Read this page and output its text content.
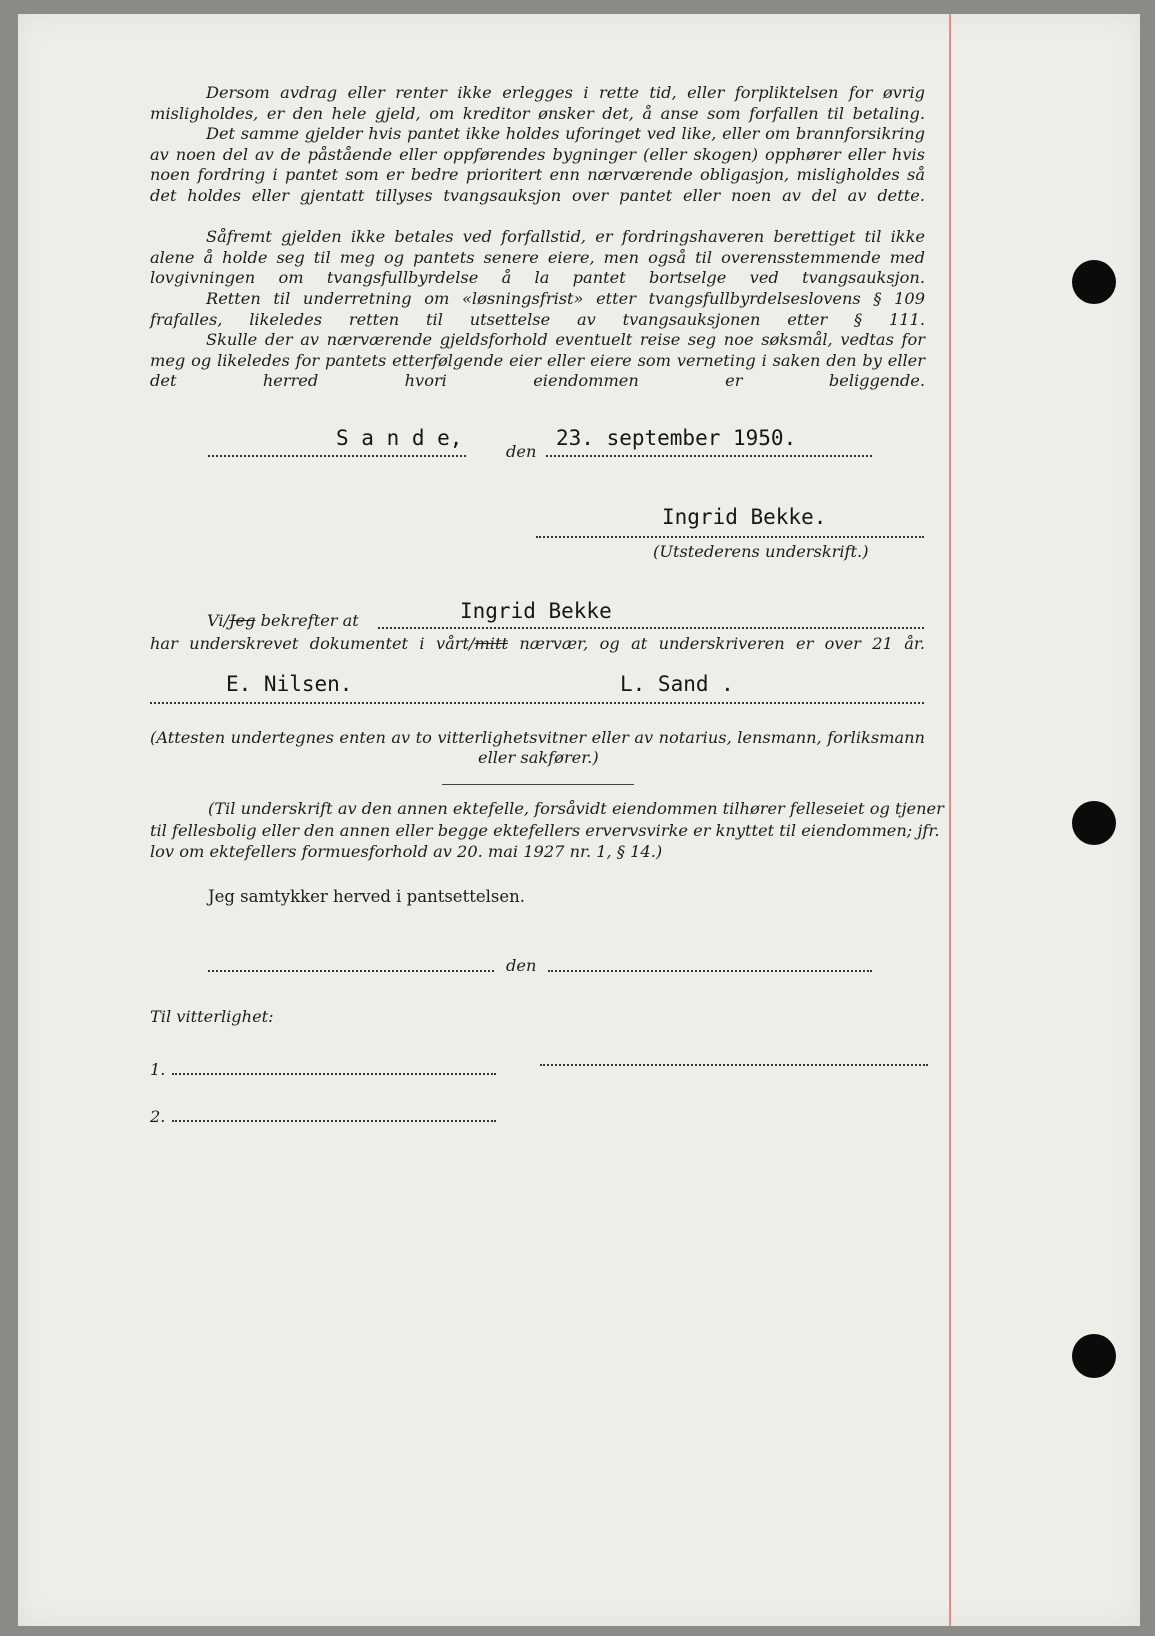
Dersom avdrag eller renter ikke erlegges i rette tid, eller forpliktelsen for øvrig misligholdes, er den hele gjeld, om kreditor ønsker det, å anse som forfallen til betaling.
Det samme gjelder hvis pantet ikke holdes uforinget ved like, eller om brannforsikring av noen del av de påstående eller oppførendes bygninger (eller skogen) opphører eller hvis noen fordring i pantet som er bedre prioritert enn nærværende obligasjon, misligholdes så det holdes eller gjentatt tillyses tvangsauksjon over pantet eller noen av del av dette.
Såfremt gjelden ikke betales ved forfallstid, er fordringshaveren berettiget til ikke alene å holde seg til meg og pantets senere eiere, men også til overensstemmende med lovgivningen om tvangsfullbyrdelse å la pantet bortselge ved tvangsauksjon.
Retten til underretning om «løsningsfrist» etter tvangsfullbyrdelseslovens § 109 frafalles, likeledes retten til utsettelse av tvangsauksjonen etter § 111.
Skulle der av nærværende gjeldsforhold eventuelt reise seg noe søksmål, vedtas for meg og likeledes for pantets etterfølgende eier eller eiere som verneting i saken den by eller det herred hvori eiendommen er beliggende.
S a n d e,
den
23. september 1950.
Ingrid Bekke.
(Utstederens underskrift.)
Vi/Jeg bekrefter at	Ingrid Bekke
har underskrevet dokumentet i vårt/mitt nærvær, og at underskriveren er over 21 år.
E. Nilsen.	L. Sand .
(Attesten undertegnes enten av to vitterlighetsvitner eller av notarius, lensmann, forliksmann
eller sakfører.)
(Til underskrift av den annen ektefelle, forsåvidt eiendommen tilhører felleseiet og tjener
til fellesbolig eller den annen eller begge ektefellers ervervsvirke er knyttet til eiendommen; jfr.
lov om ektefellers formuesforhold av 20. mai 1927 nr. 1, § 14.)
Jeg samtykker herved i pantsettelsen.
den
Til vitterlighet:
1.
2.
